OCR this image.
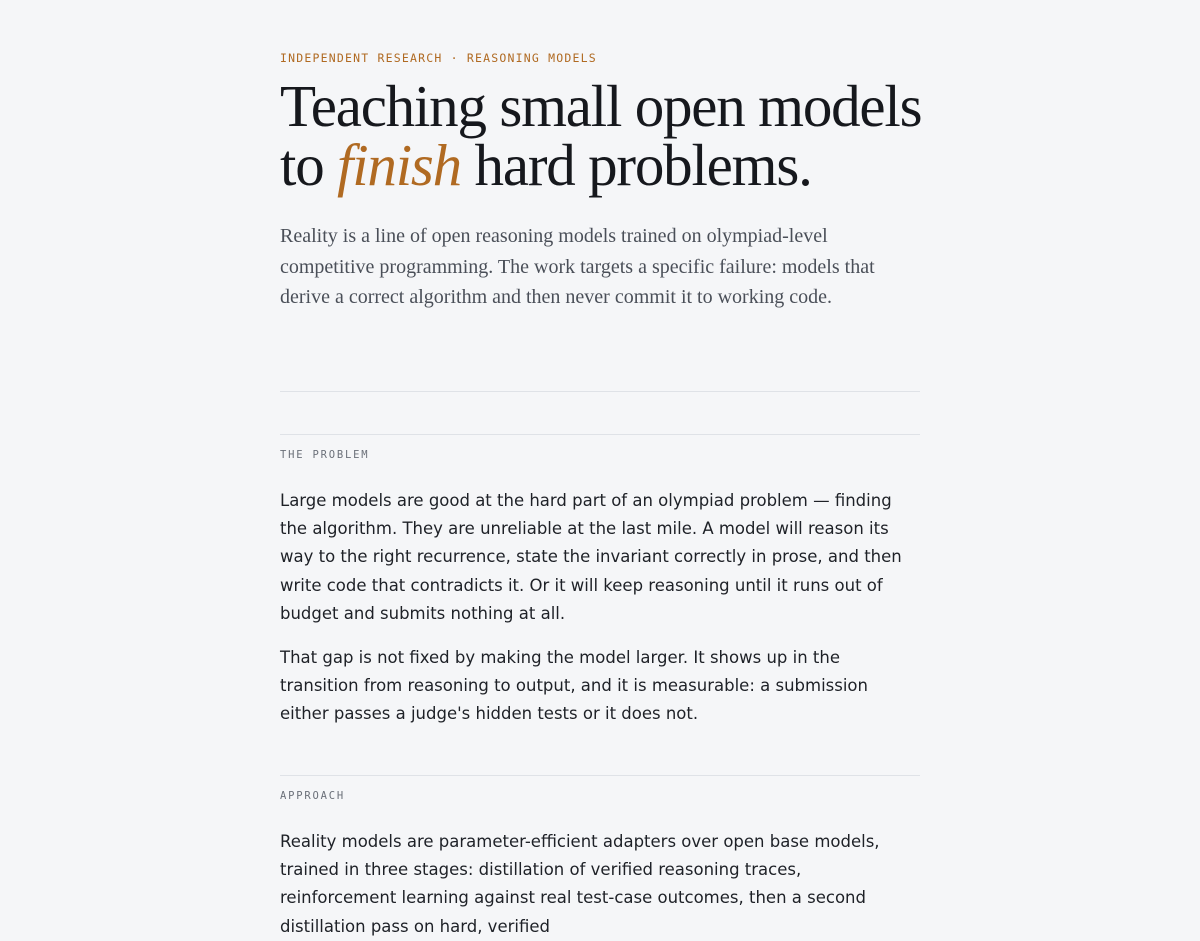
INDEPENDENT RESEARCH · REASONING MODELS
Teaching small open models
to finish hard problems.

Reality is a line of open reasoning models trained on olympiad-level competitive programming. The work targets a specific failure: models that derive a correct algorithm and then never commit it to working code.

THE PROBLEM

Large models are good at the hard part of an olympiad problem — finding the algorithm. They are unreliable at the last mile. A model will reason its way to the right recurrence, state the invariant correctly in prose, and then write code that contradicts it. Or it will keep reasoning until it runs out of budget and submits nothing at all.

That gap is not fixed by making the model larger. It shows up in the transition from reasoning to output, and it is measurable: a submission either passes a judge's hidden tests or it does not.

APPROACH

Reality models are parameter-efficient adapters over open base models, trained in three stages: distillation of verified reasoning traces, reinforcement learning against real test-case outcomes, then a second distillation pass on hard, verified
